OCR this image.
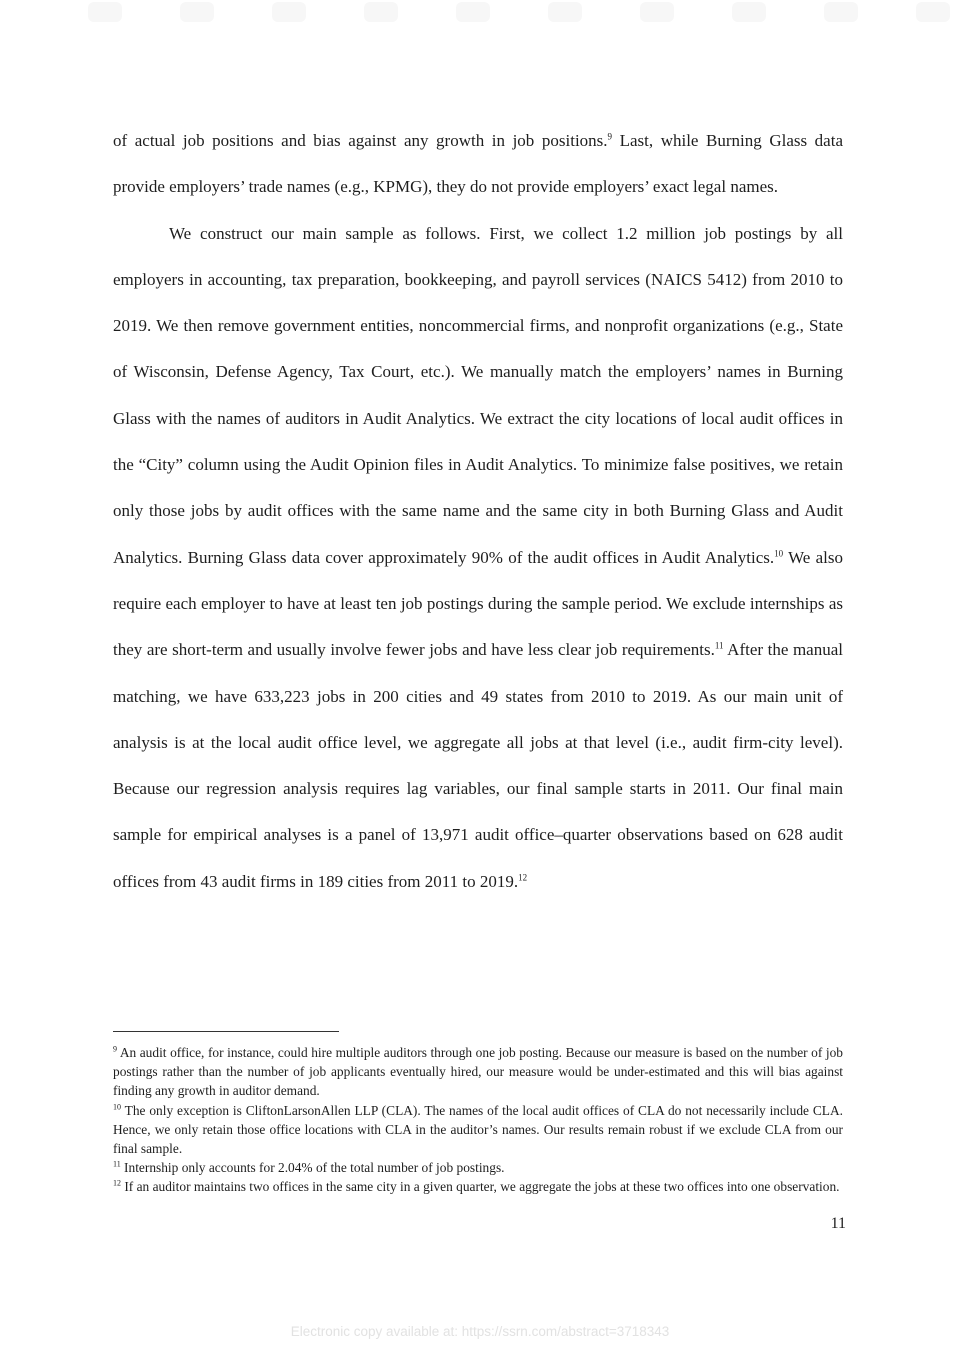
of actual job positions and bias against any growth in job positions.$^9$ Last, while Burning Glass data provide employers’ trade names (e.g., KPMG), they do not provide employers’ exact legal names.

We construct our main sample as follows. First, we collect 1.2 million job postings by all employers in accounting, tax preparation, bookkeeping, and payroll services (NAICS 5412) from 2010 to 2019. We then remove government entities, noncommercial firms, and nonprofit organizations (e.g., State of Wisconsin, Defense Agency, Tax Court, etc.). We manually match the employers’ names in Burning Glass with the names of auditors in Audit Analytics. We extract the city locations of local audit offices in the “City” column using the Audit Opinion files in Audit Analytics. To minimize false positives, we retain only those jobs by audit offices with the same name and the same city in both Burning Glass and Audit Analytics. Burning Glass data cover approximately 90% of the audit offices in Audit Analytics.$^{10}$ We also require each employer to have at least ten job postings during the sample period. We exclude internships as they are short-term and usually involve fewer jobs and have less clear job requirements.$^{11}$ After the manual matching, we have 633,223 jobs in 200 cities and 49 states from 2010 to 2019. As our main unit of analysis is at the local audit office level, we aggregate all jobs at that level (i.e., audit firm-city level). Because our regression analysis requires lag variables, our final sample starts in 2011. Our final main sample for empirical analyses is a panel of 13,971 audit office–quarter observations based on 628 audit offices from 43 audit firms in 189 cities from 2011 to 2019.12

$^9$ An audit office, for instance, could hire multiple auditors through one job posting. Because our measure is based on the number of job postings rather than the number of job applicants eventually hired, our measure would be under-estimated and this will bias against finding any growth in auditor demand.

$^{10}$ The only exception is CliftonLarsonAllen LLP (CLA). The names of the local audit offices of CLA do not necessarily include CLA. Hence, we only retain those office locations with CLA in the auditor’s names. Our results remain robust if we exclude CLA from our final sample.

$^{11}$ Internship only accounts for 2.04% of the total number of job postings.

$^{12}$ If an auditor maintains two offices in the same city in a given quarter, we aggregate the jobs at these two offices into one observation.

11
Electronic copy available at: https://ssrn.com/abstract=3718343
